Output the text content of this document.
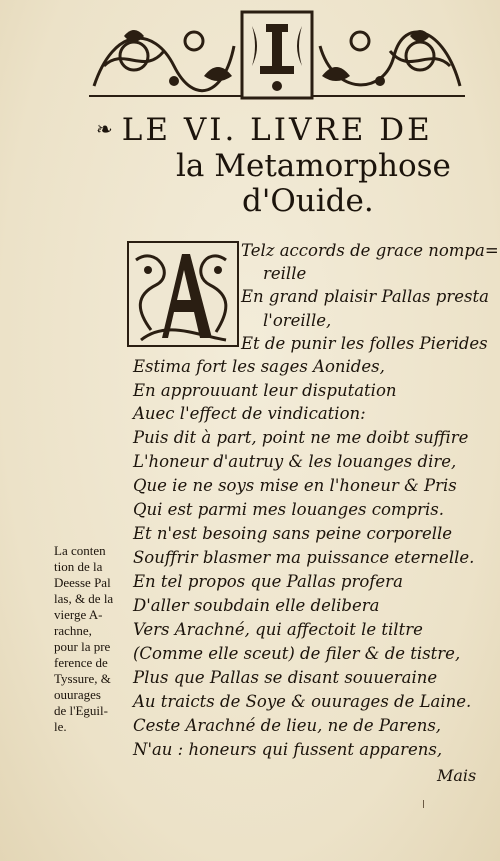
❧ LE VI. LIVRE DE
la Metamorphose
d'Ouide.
A
Telz accords de grace nompa=
reille
En grand plaisir Pallas presta
l'oreille,
Et de punir les folles Pierides
Estima fort les sages Aonides,
En approuuant leur disputation
Auec l'effect de vindication:
Puis dit à part, point ne me doibt suffire
L'honeur d'autruy & les louanges dire,
Que ie ne soys mise en l'honeur & Pris
Qui est parmi mes louanges compris.
Et n'est besoing sans peine corporelle
Souffrir blasmer ma puissance eternelle.
En tel propos que Pallas profera
D'aller soubdain elle delibera
Vers Arachné, qui affectoit le tiltre
(Comme elle sceut) de filer & de tistre,
Plus que Pallas se disant souueraine
Au traicts de Soye & ouurages de Laine.
Ceste Arachné de lieu, ne de Parens,
N'au : honeurs qui fussent apparens,
La conten
tion de la
Deesse Pal
las, & de la
vierge A-
rachne,
pour la pre
ference de
Tyssure, &
ouurages
de l'Eguil-
le.
Mais
